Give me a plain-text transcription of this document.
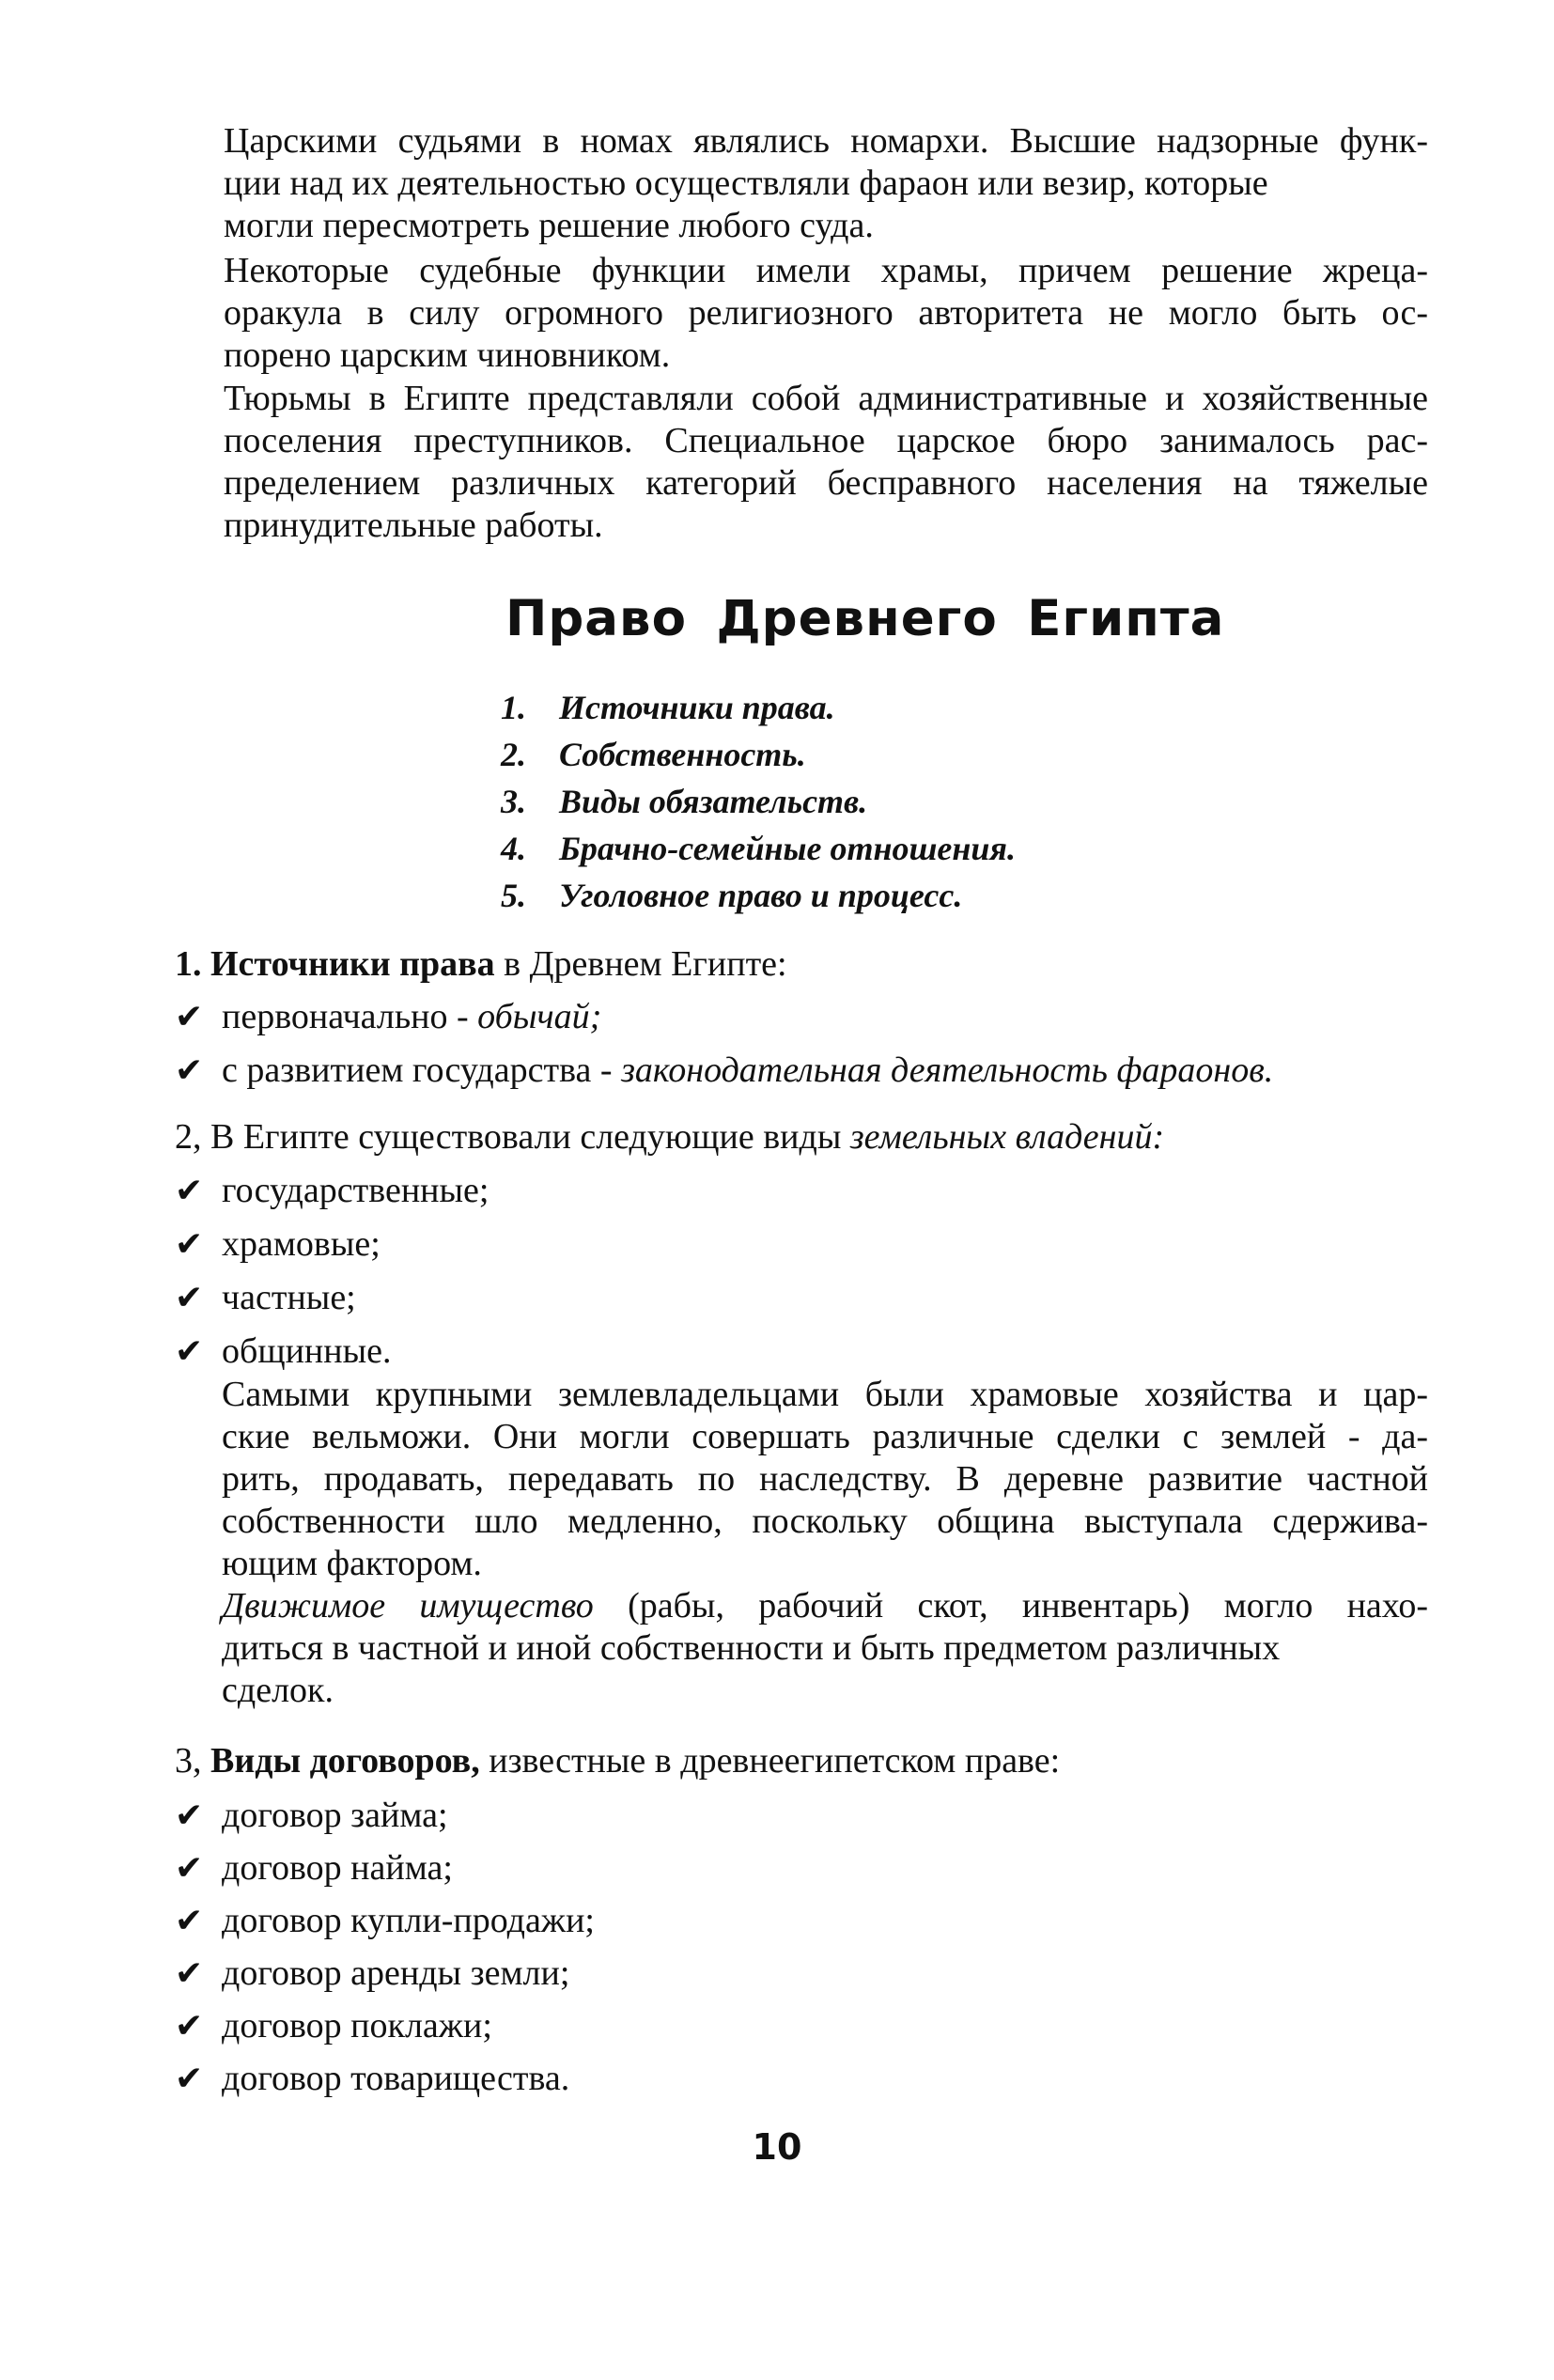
Царскими судьями в номах являлись номархи. Высшие надзорные функ-
ции над их деятельностью осуществляли фараон или везир, которые
могли пересмотреть решение любого суда.
Некоторые судебные функции имели храмы, причем решение жреца-
оракула в силу огромного религиозного авторитета не могло быть ос-
порено царским чиновником.
Тюрьмы в Египте представляли собой административные и хозяйственные
поселения преступников. Специальное царское бюро занималось рас-
пределением различных категорий бесправного населения на тяжелые
принудительные работы.
Право Древнего Египта
1. Источники права.
2. Собственность.
3. Виды обязательств.
4. Брачно-семейные отношения.
5. Уголовное право и процесс.
1. Источники права в Древнем Египте:
✔ первоначально - обычай;
✔ с развитием государства - законодательная деятельность фараонов.
2, В Египте существовали следующие виды земельных владений:
✔ государственные;
✔ храмовые;
✔ частные;
✔ общинные.
Самыми крупными землевладельцами были храмовые хозяйства и цар-
ские вельможи. Они могли совершать различные сделки с землей - да-
рить, продавать, передавать по наследству. В деревне развитие частной
собственности шло медленно, поскольку община выступала сдержива-
ющим фактором.
Движимое имущество (рабы, рабочий скот, инвентарь) могло нахо-
диться в частной и иной собственности и быть предметом различных
сделок.
3, Виды договоров, известные в древнеегипетском праве:
✔ договор займа;
✔ договор найма;
✔ договор купли-продажи;
✔ договор аренды земли;
✔ договор поклажи;
✔ договор товарищества.
10
